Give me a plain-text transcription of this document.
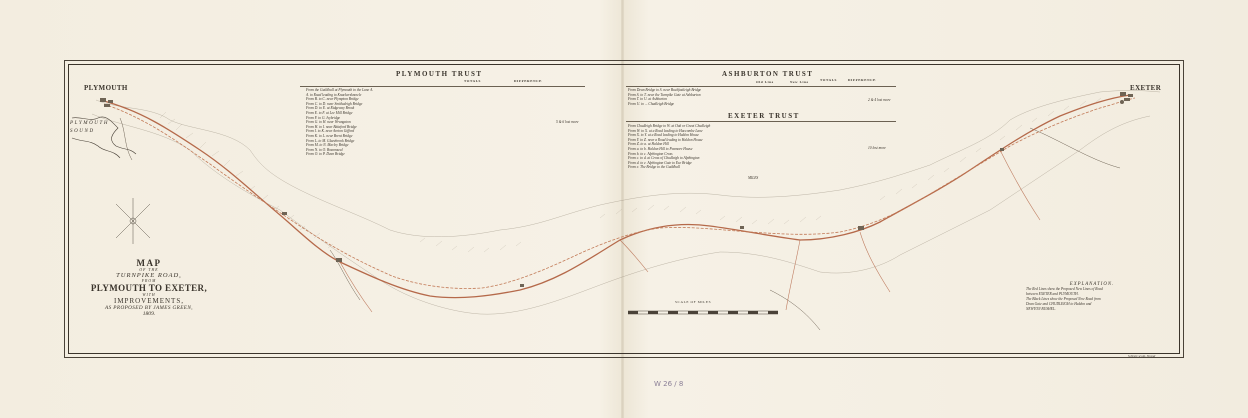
PLYMOUTH	EXETER
PLYMOUTH SOUND
PLYMOUTH TRUST
TOTALS	DIFFERENCE
From the Guildhall at Plymouth to the Lane A.
A. to Road leading to Knackersknowle
From B. to C. near Plympton Bridge
From C. to D. near Smithaleigh Bridge
From D. to E. at Ridgeway Brook
From E. to F. at Lee Mill Bridge
From F. to G. Ivybridge
From G. to H. near Wrangaton
From H. to I. near Bittaford Bridge
From I. to K. near Aveton Gifford
From K. to L. near Brent Bridge
From L. to M. Glazebrook Bridge
From M. to N. Marley Bridge
From N. to O. Bozomzeal
From O. to P. Dean Bridge
5 & 6 lost more
ASHBURTON TRUST
Old Line	New Line	TOTALS	DIFFERENCE
From Dean Bridge to S. near Buckfastleigh Bridge
From S. to T. near the Turnpike Gate at Ashburton
From T. to U. at Ashburton
From U. to ... Chudleigh Bridge
2 & 4 lost more
EXETER TRUST
From Chudleigh Bridge to W. at Oak or Great Chudleigh
From W. to X. at a Road leading to Haccombe Lane
From X. to Y. at a Road leading to Haldon House
From Y. to Z. near a Road leading to Haldon House
From Z. to a. at Haldon Hill
From a. to b. Haldon Hill to Peamore House
From b. to c. Alphington Cross
From c. to d. at Cross of Chudleigh to Alphington
From d. to e. Alphington Gate to Exe Bridge
From e. The Bridge to the Guildhall
MILES
10 lost more
MAP
OF THE
TURNPIKE ROAD,
FROM
PLYMOUTH TO EXETER,
WITH
IMPROVEMENTS,
AS PROPOSED BY JAMES GREEN,
1809.
EXPLANATION.
The Red Lines show the Proposed New Lines of Road
between EXETER and PLYMOUTH.
The Black Lines show the Proposed New Road from
Dean Gate and CHUDLEIGH to Haldon and
NEWTON BUSHEL.
SCALE OF MILES
S.Neele sculp. Strand
W 26 / 8
